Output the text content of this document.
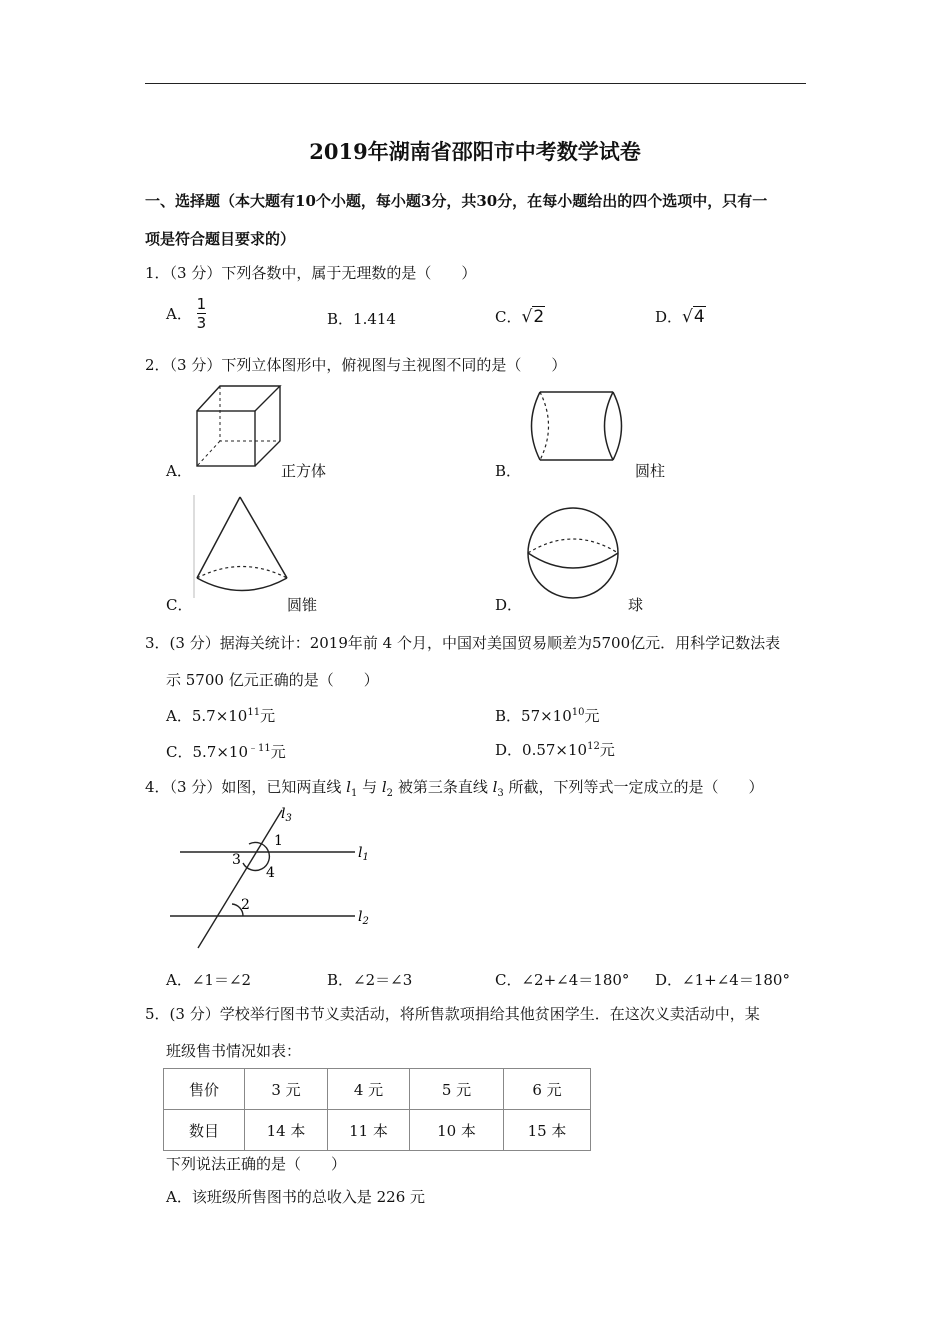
2019年湖南省邵阳市中考数学试卷
一、选择题（本大题有10个小题，每小题3分，共30分，在每小题给出的四个选项中，只有一
项是符合题目要求的）
1．（3 分）下列各数中，属于无理数的是（　　）
A． $\frac{1}{3}$	B．1.414	C．√2	D．√4
2．（3 分）下列立体图形中，俯视图与主视图不同的是（　　）
A．	正方体	B．	圆柱
C．	圆锥	D．	球
3．(3 分）据海关统计：2019年前 4 个月，中国对美国贸易顺差为5700亿元．用科学记数法表
示 5700 亿元正确的是（　　）
A．$5.7\times 10^{11}$元	B．$57\times 10^{10}$元
C．$5.7\times 10^{﹣11}$元	D．$0.57\times 10^{12}$元
4．（3 分）如图，已知两直线 $l_1$ 与 $l_2$ 被第三条直线 $l_3$ 所截，下列等式一定成立的是（　　）
$l_3$
$l_1$
$l_2$
1
3
4
2
A．∠1＝∠2	B．∠2＝∠3	C．∠2+∠4＝180° D．∠1+∠4＝180°
5．(3 分）学校举行图书节义卖活动，将所售款项捐给其他贫困学生．在这次义卖活动中，某
班级售书情况如表：
售价	3 元	4 元	5 元	6 元
数目	14 本	11 本	10 本	15 本
下列说法正确的是（　　）
A．该班级所售图书的总收入是 226 元
